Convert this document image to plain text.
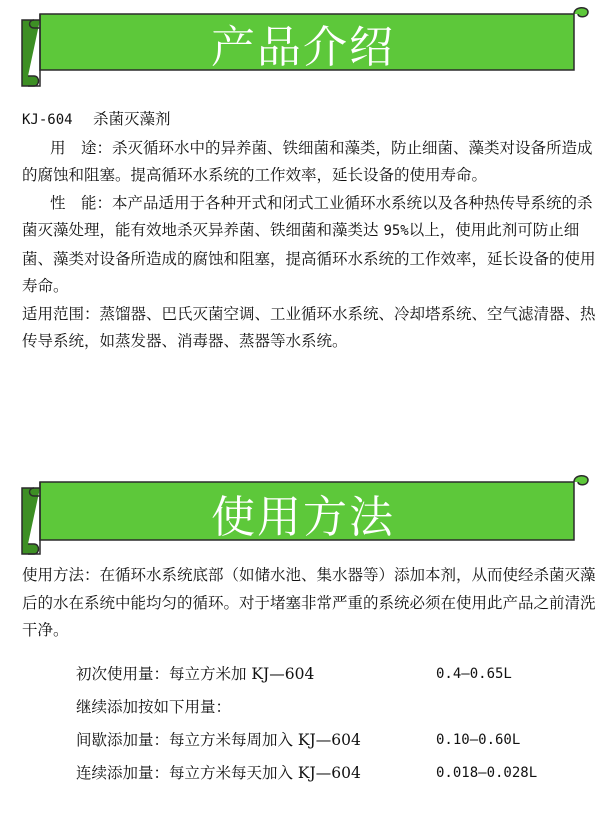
产品介绍

KJ-604　 杀菌灭藻剂

用　途：杀灭循环水中的异养菌、铁细菌和藻类，防止细菌、藻类对设备所造成的腐蚀和阻塞。提高循环水系统的工作效率，延长设备的使用寿命。

性　能：本产品适用于各种开式和闭式工业循环水系统以及各种热传导系统的杀菌灭藻处理，能有效地杀灭异养菌、铁细菌和藻类达 95%以上，使用此剂可防止细菌、藻类对设备所造成的腐蚀和阻塞，提高循环水系统的工作效率，延长设备的使用寿命。

适用范围：蒸馏器、巴氏灭菌空调、工业循环水系统、冷却塔系统、空气滤清器、热传导系统，如蒸发器、消毒器、蒸器等水系统。

使用方法

使用方法：在循环水系统底部（如储水池、集水器等）添加本剂，从而使经杀菌灭藻后的水在系统中能均匀的循环。对于堵塞非常严重的系统必须在使用此产品之前清洗干净。

初次使用量：每立方米加 KJ—604	0.4—0.65L
继续添加按如下用量：
间歇添加量：每立方米每周加入 KJ—604	0.10—0.60L
连续添加量：每立方米每天加入 KJ—604	0.018—0.028L
